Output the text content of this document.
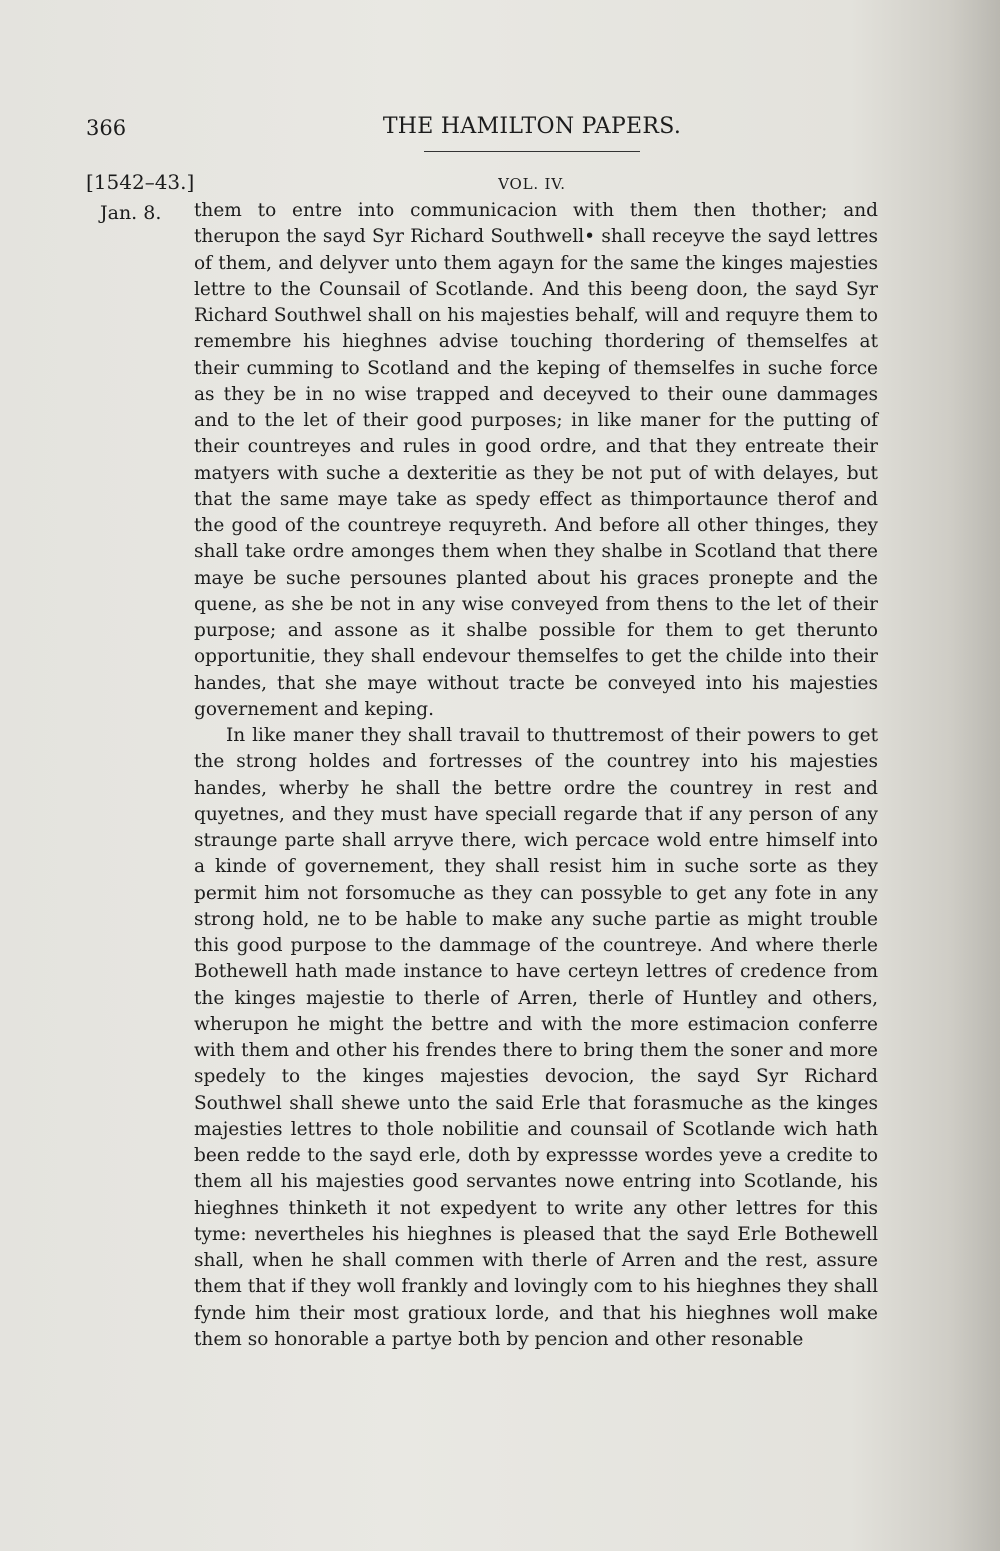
366	THE HAMILTON PAPERS.
[1542–43.]	VOL. IV.
Jan. 8. them to entre into communicacion with them then thother; and therupon the sayd Syr Richard Southwell• shall receyve the sayd lettres of them, and delyver unto them agayn for the same the kinges majesties lettre to the Counsail of Scotlande. And this beeng doon, the sayd Syr Richard Southwel shall on his majesties behalf, will and requyre them to remembre his hieghnes advise touching thordering of themselfes at their cumming to Scotland and the keping of themselfes in suche force as they be in no wise trapped and deceyved to their oune dammages and to the let of their good purposes; in like maner for the putting of their countreyes and rules in good ordre, and that they entreate their matyers with suche a dexteritie as they be not put of with delayes, but that the same maye take as spedy effect as thimportaunce therof and the good of the countreye requyreth. And before all other thinges, they shall take ordre amonges them when they shalbe in Scotland that there maye be suche persounes planted about his graces pronepte and the quene, as she be not in any wise conveyed from thens to the let of their purpose; and assone as it shalbe possible for them to get therunto opportunitie, they shall endevour themselfes to get the childe into their handes, that she maye without tracte be conveyed into his majesties governement and keping.

In like maner they shall travail to thuttremost of their powers to get the strong holdes and fortresses of the countrey into his majesties handes, wherby he shall the bettre ordre the countrey in rest and quyetnes, and they must have speciall regarde that if any person of any straunge parte shall arryve there, wich percace wold entre himself into a kinde of governement, they shall resist him in suche sorte as they permit him not forsomuche as they can possyble to get any fote in any strong hold, ne to be hable to make any suche partie as might trouble this good purpose to the dammage of the countreye. And where therle Bothewell hath made instance to have certeyn lettres of credence from the kinges majestie to therle of Arren, therle of Huntley and others, wherupon he might the bettre and with the more estimacion conferre with them and other his frendes there to bring them the soner and more spedely to the kinges majesties devocion, the sayd Syr Richard Southwel shall shewe unto the said Erle that forasmuche as the kinges majesties lettres to thole nobilitie and counsail of Scotlande wich hath been redde to the sayd erle, doth by expressse wordes yeve a credite to them all his majesties good servantes nowe entring into Scotlande, his hieghnes thinketh it not expedyent to write any other lettres for this tyme: nevertheles his hieghnes is pleased that the sayd Erle Bothewell shall, when he shall commen with therle of Arren and the rest, assure them that if they woll frankly and lovingly com to his hieghnes they shall fynde him their most gratioux lorde, and that his hieghnes woll make them so honorable a partye both by pencion and other resonable
